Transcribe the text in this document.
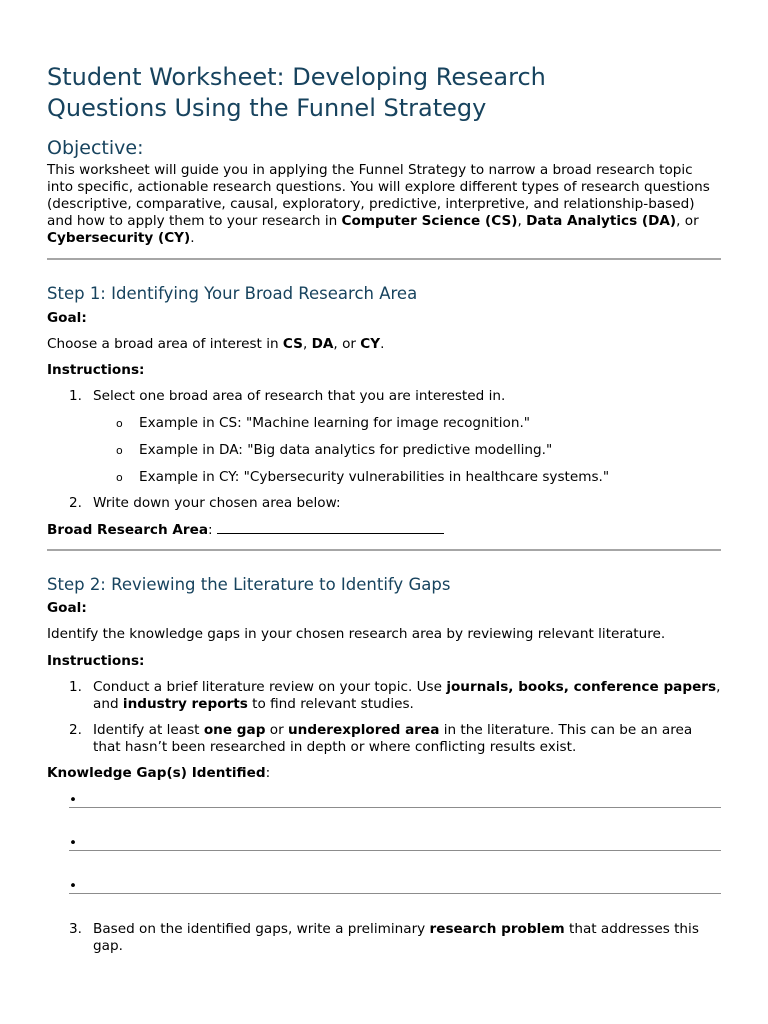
Student Worksheet: Developing Research
Questions Using the Funnel Strategy
Objective:

This worksheet will guide you in applying the Funnel Strategy to narrow a broad research topic into specific, actionable research questions. You will explore different types of research questions (descriptive, comparative, causal, exploratory, predictive, interpretive, and relationship-based) and how to apply them to your research in Computer Science (CS), Data Analytics (DA), or Cybersecurity (CY).

Step 1: Identifying Your Broad Research Area

Goal:

Choose a broad area of interest in CS, DA, or CY.

Instructions:

1. Select one broad area of research that you are interested in.
o Example in CS: "Machine learning for image recognition."
o Example in DA: "Big data analytics for predictive modelling."
o Example in CY: "Cybersecurity vulnerabilities in healthcare systems."
2. Write down your chosen area below:

Broad Research Area:

Step 2: Reviewing the Literature to Identify Gaps

Goal:

Identify the knowledge gaps in your chosen research area by reviewing relevant literature.

Instructions:

1. Conduct a brief literature review on your topic. Use journals, books, conference papers, and industry reports to find relevant studies.
2. Identify at least one gap or underexplored area in the literature. This can be an area that hasn’t been researched in depth or where conflicting results exist.

Knowledge Gap(s) Identified:

•
•
•
3. Based on the identified gaps, write a preliminary research problem that addresses this gap.
